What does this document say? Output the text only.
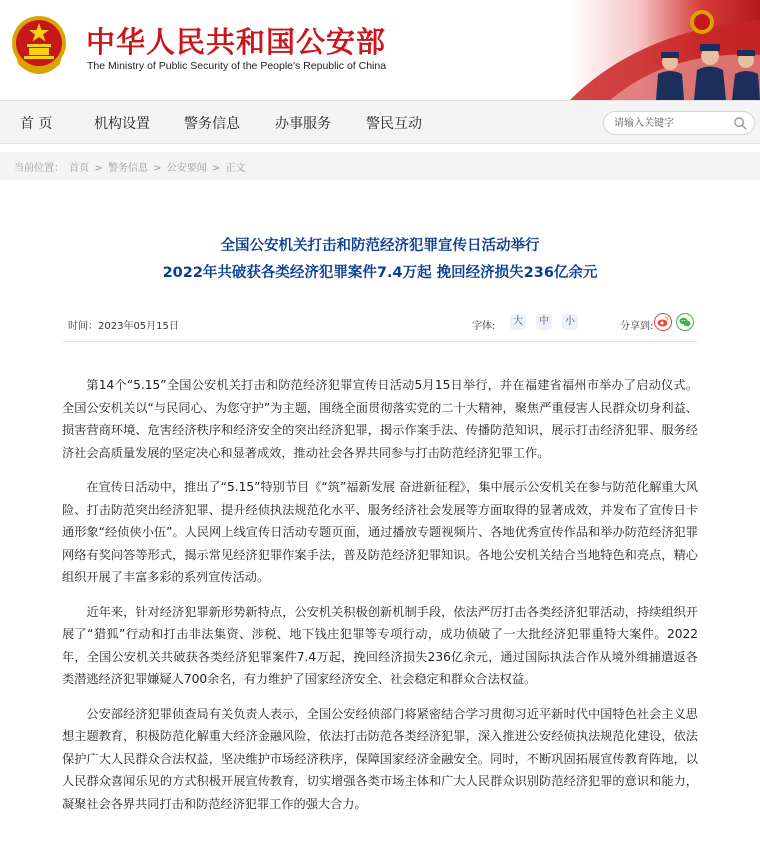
中华人民共和国公安部
The Ministry of Public Security of the People's Republic of China
首 页	机构设置 警务信息	办事服务	警民互动
请输入关键字
当前位置： 首页 > 警务信息 > 公安要闻 > 正文
全国公安机关打击和防范经济犯罪宣传日活动举行
2022年共破获各类经济犯罪案件7.4万起 挽回经济损失236亿余元
时间：2023年05月15日	字体:	大	中	小	分享到:

第14个“5.15”全国公安机关打击和防范经济犯罪宣传日活动5月15日举行，并在福建省福州市举办了启动仪式。全国公安机关以“与民同心、为您守护”为主题，围绕全面贯彻落实党的二十大精神，聚焦严重侵害人民群众切身利益、损害营商环境、危害经济秩序和经济安全的突出经济犯罪，揭示作案手法、传播防范知识，展示打击经济犯罪、服务经济社会高质量发展的坚定决心和显著成效，推动社会各界共同参与打击防范经济犯罪工作。

在宣传日活动中，推出了“5.15”特别节目《“筑”福新发展 奋进新征程》，集中展示公安机关在参与防范化解重大风险、打击防范突出经济犯罪、提升经侦执法规范化水平、服务经济社会发展等方面取得的显著成效，并发布了宣传日卡通形象“经侦侠小伍”。人民网上线宣传日活动专题页面，通过播放专题视频片、各地优秀宣传作品和举办防范经济犯罪网络有奖问答等形式，揭示常见经济犯罪作案手法，普及防范经济犯罪知识。各地公安机关结合当地特色和亮点，精心组织开展了丰富多彩的系列宣传活动。

近年来，针对经济犯罪新形势新特点，公安机关积极创新机制手段，依法严厉打击各类经济犯罪活动，持续组织开展了“猎狐”行动和打击非法集资、涉税、地下钱庄犯罪等专项行动，成功侦破了一大批经济犯罪重特大案件。2022年，全国公安机关共破获各类经济犯罪案件7.4万起，挽回经济损失236亿余元，通过国际执法合作从境外缉捕遣返各类潜逃经济犯罪嫌疑人700余名，有力维护了国家经济安全、社会稳定和群众合法权益。

公安部经济犯罪侦查局有关负责人表示，全国公安经侦部门将紧密结合学习贯彻习近平新时代中国特色社会主义思想主题教育，积极防范化解重大经济金融风险，依法打击防范各类经济犯罪，深入推进公安经侦执法规范化建设，依法保护广大人民群众合法权益，坚决维护市场经济秩序，保障国家经济金融安全。同时，不断巩固拓展宣传教育阵地，以人民群众喜闻乐见的方式积极开展宣传教育，切实增强各类市场主体和广大人民群众识别防范经济犯罪的意识和能力，凝聚社会各界共同打击和防范经济犯罪工作的强大合力。
